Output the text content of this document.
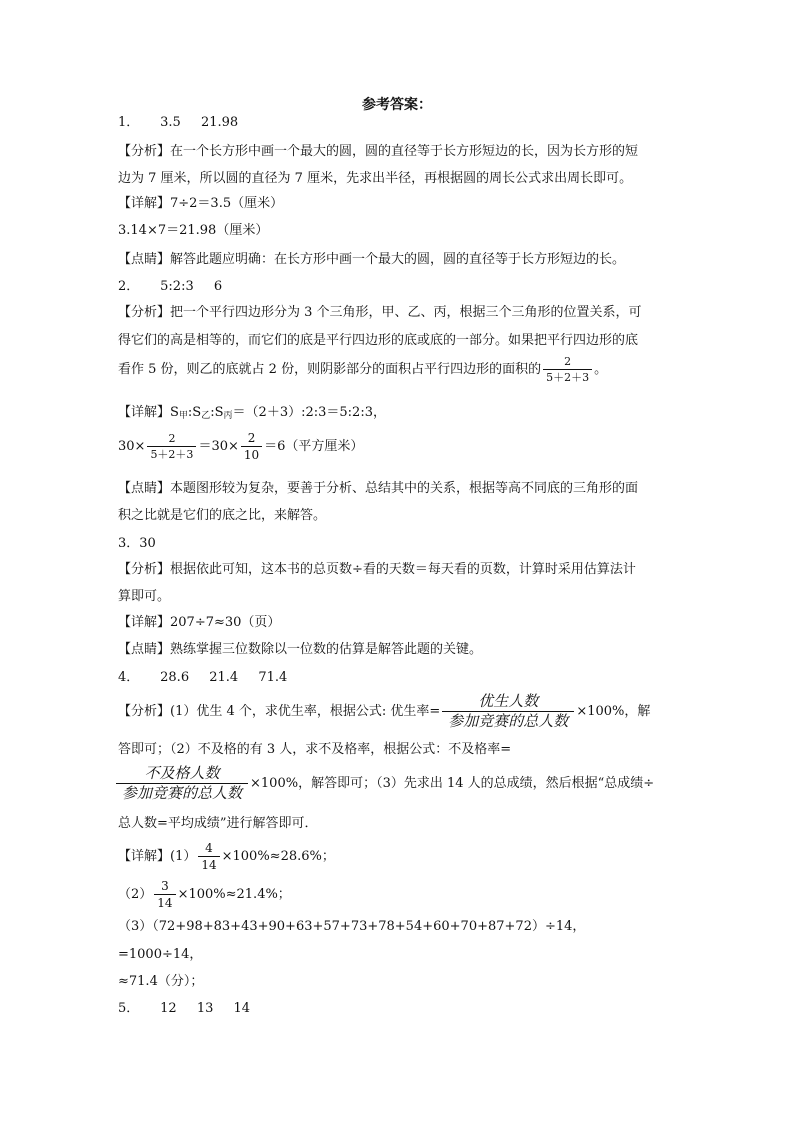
参考答案：
1． 3.5 21.98
【分析】在一个长方形中画一个最大的圆，圆的直径等于长方形短边的长，因为长方形的短
边为 7 厘米，所以圆的直径为 7 厘米，先求出半径，再根据圆的周长公式求出周长即可。
【详解】7÷2＝3.5（厘米）
3.14×7＝21.98（厘米）
【点睛】解答此题应明确：在长方形中画一个最大的圆，圆的直径等于长方形短边的长。
2． 5:2:3 6
【分析】把一个平行四边形分为 3 个三角形，甲、乙、丙，根据三个三角形的位置关系，可
得它们的高是相等的，而它们的底是平行四边形的底或底的一部分。如果把平行四边形的底
看作 5 份，则乙的底就占 2 份，则阴影部分的面积占平行四边形的面积的 $\frac{2}{5+2+3}$ 。
【详解】$S_甲:S_乙:S_丙=(2+3):2:3=5:2:3$，
$30\times \frac{2}{5+2+3} =30\times \frac{2}{10} =6$（平方厘米）
【点睛】本题图形较为复杂，要善于分析、总结其中的关系，根据等高不同底的三角形的面
积之比就是它们的底之比，来解答。
3．30
【分析】根据依此可知，这本书的总页数÷看的天数＝每天看的页数，计算时采用估算法计
算即可。
【详解】207÷7≈30（页）
【点睛】熟练掌握三位数除以一位数的估算是解答此题的关键。
4． 28.6 21.4 71.4
【分析】(1）优生 4 个，求优生率，根据公式: 优生率= $\frac{\text{优生人数}}{\text{参加竞赛的总人数}} \times 100\%$，解
答即可；（2）不及格的有 3 人，求不及格率，根据公式：不及格率=
$\frac{\text{不及格人数}}{\text{参加竞赛的总人数}} \times 100\%$，解答即可；（3）先求出 14 人的总成绩，然后根据“总成绩÷
总人数=平均成绩”进行解答即可．
【详解】$(1) \frac{4}{14} \times 100\%\approx 28.6\%$；
$(2) \frac{3}{14} \times 100\%\approx 21.4\%$；
（3）（72+98+83+43+90+63+57+73+78+54+60+70+87+72）÷14，
=1000÷14，
≈71.4（分）；
5． 12 13 14
